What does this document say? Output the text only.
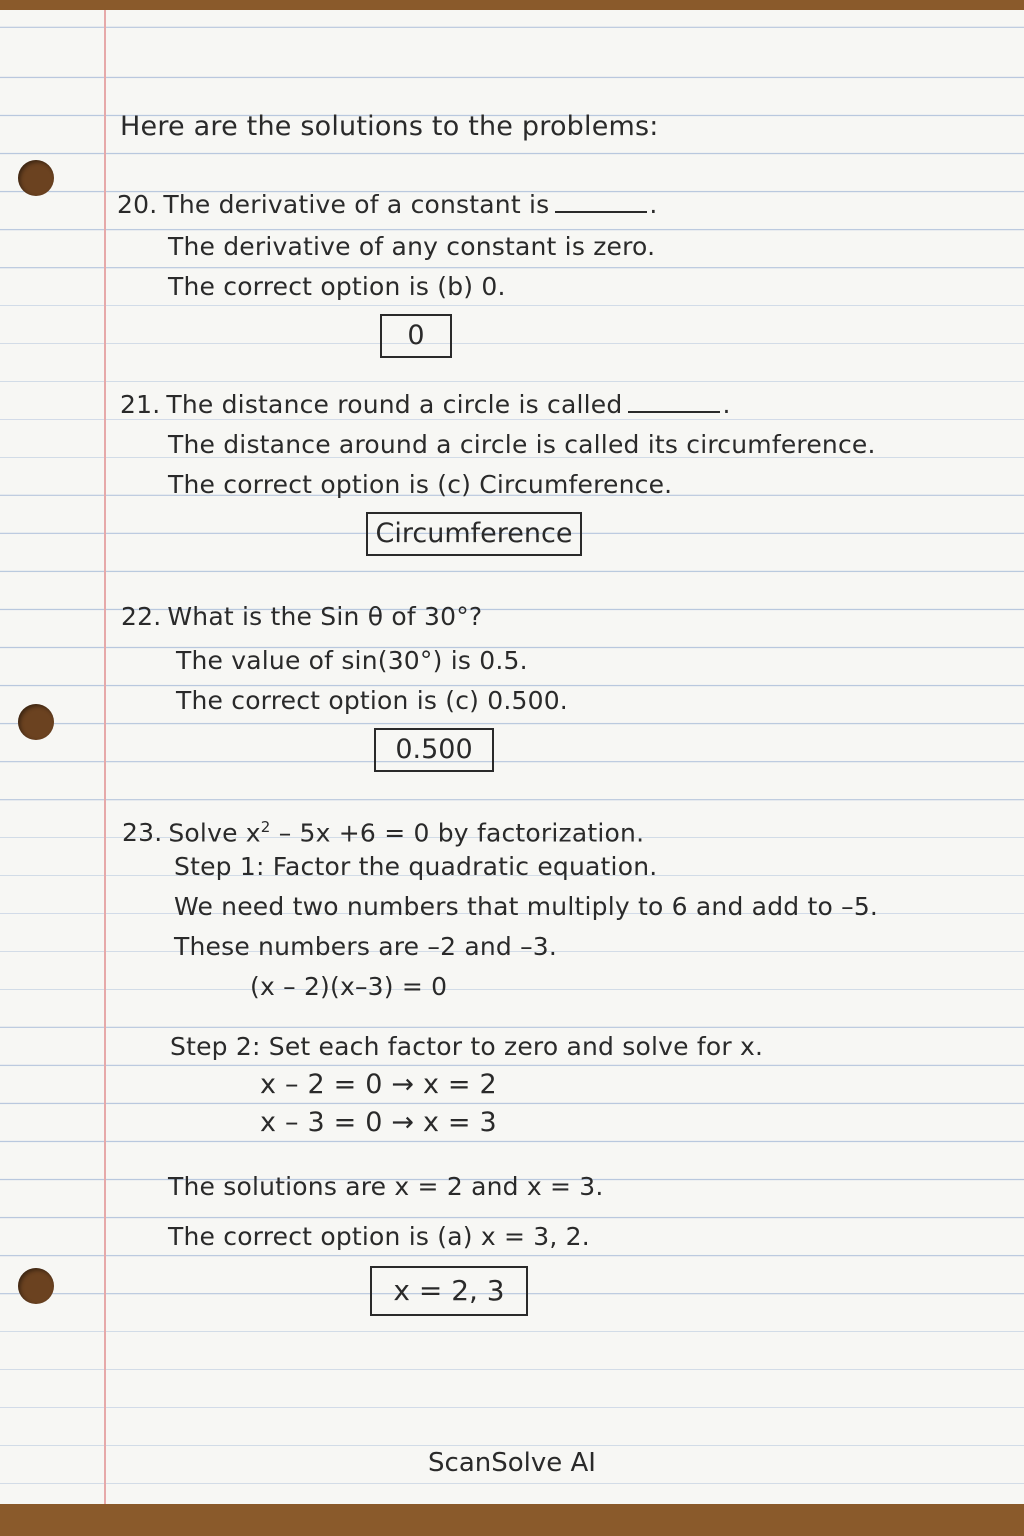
Here are the solutions to the problems:
20. The derivative of a constant is	.
The derivative of any constant is zero.
The correct option is (b) 0.
0
21. The distance round a circle is called	.
The distance around a circle is called its circumference.
The correct option is (c) Circumference.
Circumference
22. What is the Sin θ of 30°?
The value of sin(30°) is 0.5.
The correct option is (c) 0.500.
0.500
23. Solve $x^2 - 5x +6 = 0$ by factorization.
Step 1: Factor the quadratic equation.
We need two numbers that multiply to 6 and add to –5.
These numbers are –2 and –3.
(x – 2)(x–3) = 0
Step 2: Set each factor to zero and solve for x.
x – 2 = 0 → x = 2
x – 3 = 0 → x = 3
The solutions are x = 2 and x = 3.
The correct option is (a) x = 3, 2.
x = 2, 3
ScanSolve AI
